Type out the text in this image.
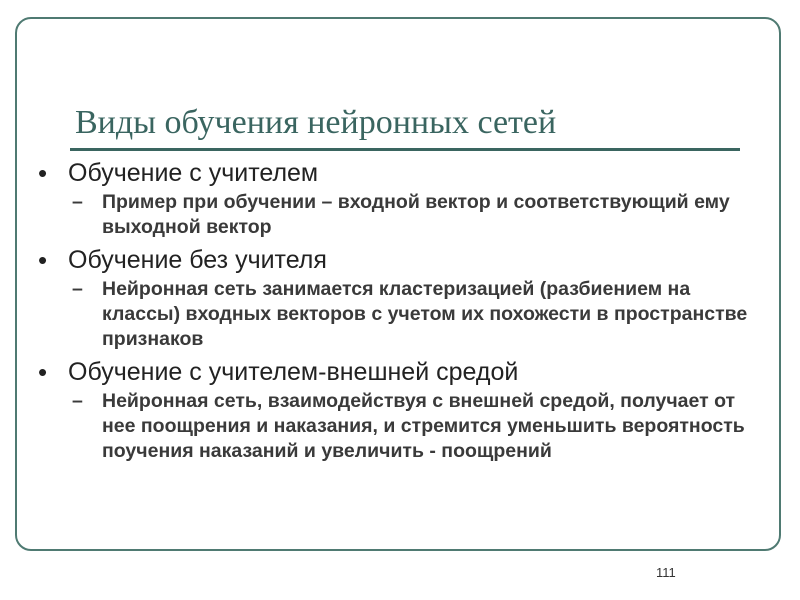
Виды обучения нейронных сетей
• Обучение с учителем
– Пример при обучении – входной вектор и соответствующий ему выходной вектор
• Обучение без учителя
– Нейронная сеть занимается кластеризацией (разбиением на классы) входных векторов с учетом их похожести в пространстве признаков
• Обучение с учителем-внешней средой
– Нейронная сеть, взаимодействуя с внешней средой, получает от нее поощрения и наказания, и стремится уменьшить вероятность поучения наказаний и увеличить - поощрений
111
